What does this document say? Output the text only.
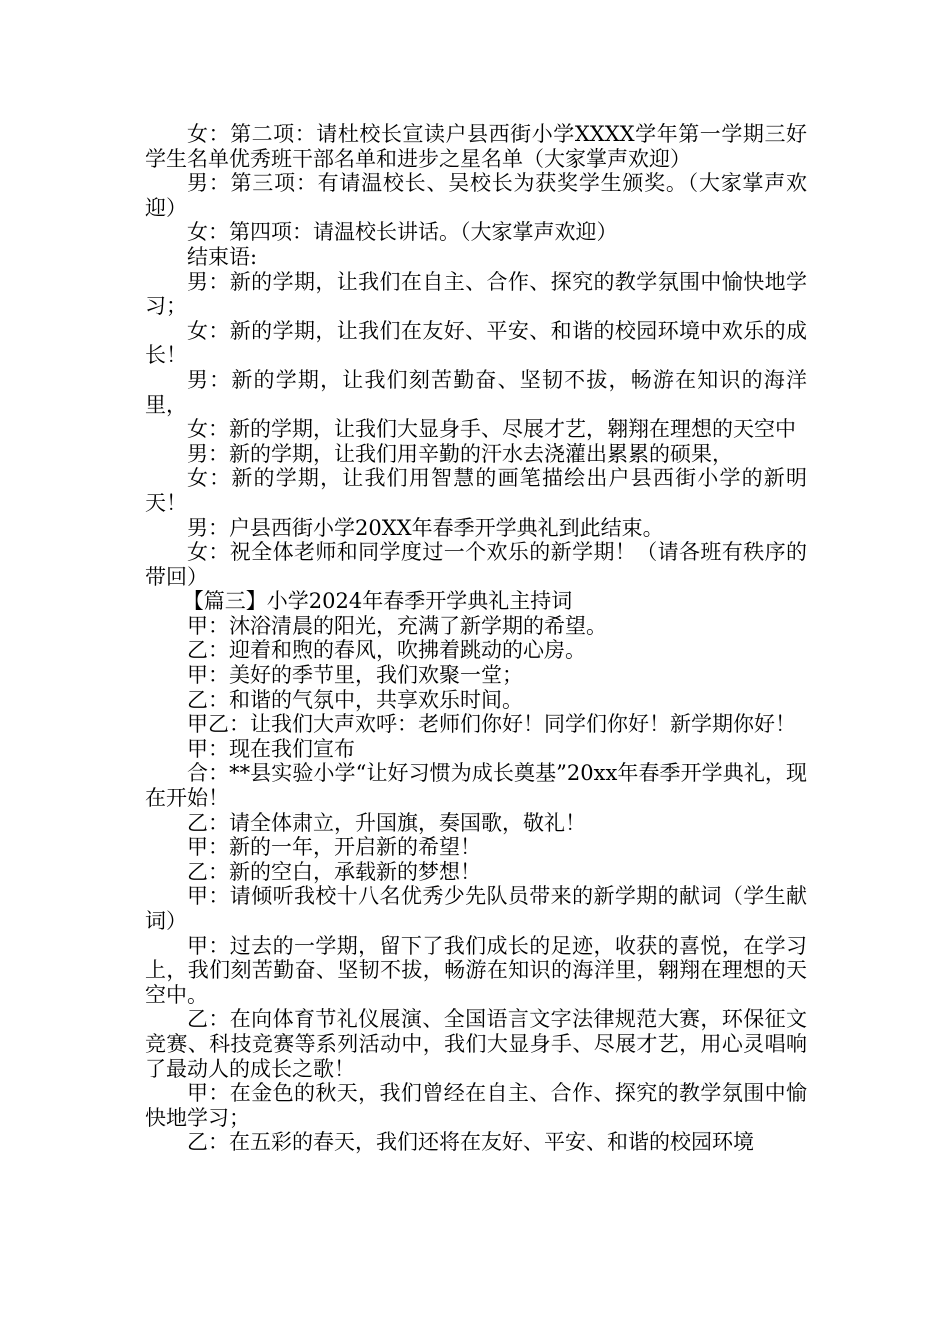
女：第二项：请杜校长宣读户县西街小学XXXX学年第一学期三好学生名单优秀班干部名单和进步之星名单（大家掌声欢迎）

男：第三项：有请温校长、吴校长为获奖学生颁奖。（大家掌声欢迎）

女：第四项：请温校长讲话。（大家掌声欢迎）

结束语:

男：新的学期，让我们在自主、合作、探究的教学氛围中愉快地学习；

女：新的学期，让我们在友好、平安、和谐的校园环境中欢乐的成长！

男：新的学期，让我们刻苦勤奋、坚韧不拔，畅游在知识的海洋里，

女：新的学期，让我们大显身手、尽展才艺，翱翔在理想的天空中

男：新的学期，让我们用辛勤的汗水去浇灌出累累的硕果，

女：新的学期，让我们用智慧的画笔描绘出户县西街小学的新明天！

男：户县西街小学20XX年春季开学典礼到此结束。

女：祝全体老师和同学度过一个欢乐的新学期！（请各班有秩序的带回）

【篇三】小学2024年春季开学典礼主持词

甲：沐浴清晨的阳光，充满了新学期的希望。

乙：迎着和煦的春风，吹拂着跳动的心房。

甲：美好的季节里，我们欢聚一堂；

乙：和谐的气氛中，共享欢乐时间。

甲乙：让我们大声欢呼：老师们你好！同学们你好！新学期你好！

甲：现在我们宣布

合：**县实验小学“让好习惯为成长奠基”20xx年春季开学典礼，现在开始！

乙：请全体肃立，升国旗，奏国歌，敬礼！

甲：新的一年，开启新的希望！

乙：新的空白，承载新的梦想！

甲：请倾听我校十八名优秀少先队员带来的新学期的献词（学生献词）

甲：过去的一学期，留下了我们成长的足迹，收获的喜悦，在学习上，我们刻苦勤奋、坚韧不拔，畅游在知识的海洋里，翱翔在理想的天空中。

乙：在向体育节礼仪展演、全国语言文字法律规范大赛，环保征文竞赛、科技竞赛等系列活动中，我们大显身手、尽展才艺，用心灵唱响了最动人的成长之歌！

甲：在金色的秋天，我们曾经在自主、合作、探究的教学氛围中愉快地学习；

乙：在五彩的春天，我们还将在友好、平安、和谐的校园环境
